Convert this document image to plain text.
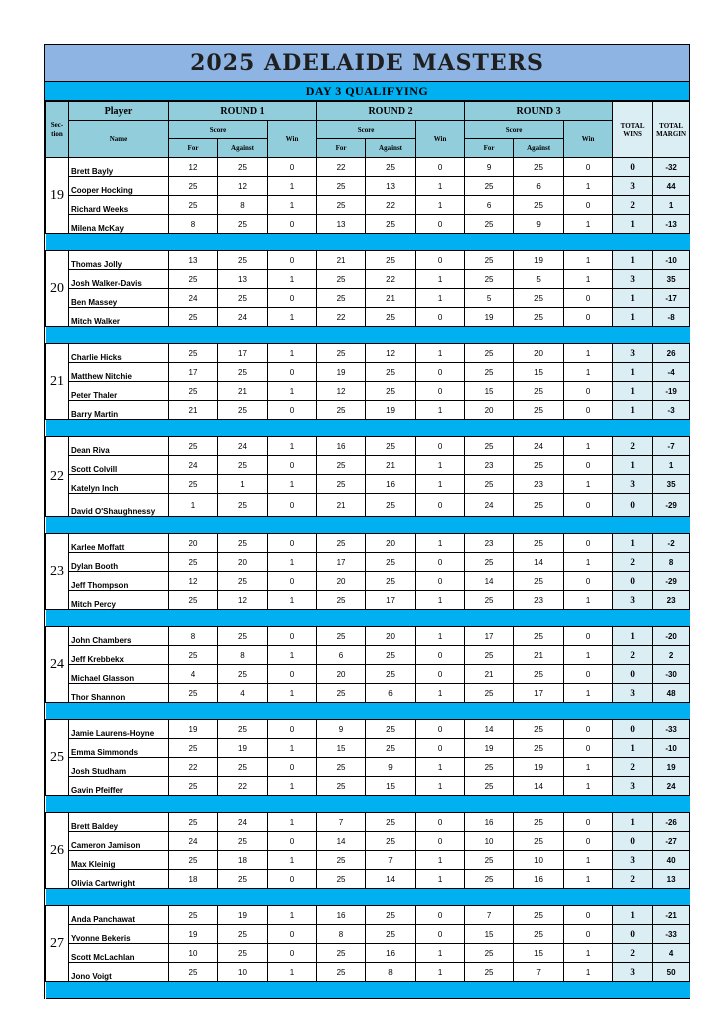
2025 ADELAIDE MASTERS
DAY 3 QUALIFYING
Sec-tion	Player	ROUND 1			ROUND 2			ROUND 3			TOTAL WINS	TOTAL MARGIN
	Name	Score		Win	Score		Win	Score		Win		
		For	Against		For	Against		For	Against			
19	Brett Bayly	12	25	0	22	25	0	9	25	0	0	-32
	Cooper Hocking	25	12	1	25	13	1	25	6	1	3	44
	Richard Weeks	25	8	1	25	22	1	6	25	0	2	1
	Milena McKay	8	25	0	13	25	0	25	9	1	1	-13

20	Thomas Jolly	13	25	0	21	25	0	25	19	1	1	-10
	Josh Walker-Davis	25	13	1	25	22	1	25	5	1	3	35
	Ben Massey	24	25	0	25	21	1	5	25	0	1	-17
	Mitch Walker	25	24	1	22	25	0	19	25	0	1	-8

21	Charlie Hicks	25	17	1	25	12	1	25	20	1	3	26
	Matthew Nitchie	17	25	0	19	25	0	25	15	1	1	-4
	Peter Thaler	25	21	1	12	25	0	15	25	0	1	-19
	Barry Martin	21	25	0	25	19	1	20	25	0	1	-3

22	Dean Riva	25	24	1	16	25	0	25	24	1	2	-7
	Scott Colvill	24	25	0	25	21	1	23	25	0	1	1
	Katelyn Inch	25	1	1	25	16	1	25	23	1	3	35
	David O'Shaughnessy	1	25	0	21	25	0	24	25	0	0	-29

23	Karlee Moffatt	20	25	0	25	20	1	23	25	0	1	-2
	Dylan Booth	25	20	1	17	25	0	25	14	1	2	8
	Jeff Thompson	12	25	0	20	25	0	14	25	0	0	-29
	Mitch Percy	25	12	1	25	17	1	25	23	1	3	23

24	John Chambers	8	25	0	25	20	1	17	25	0	1	-20
	Jeff Krebbekx	25	8	1	6	25	0	25	21	1	2	2
	Michael Glasson	4	25	0	20	25	0	21	25	0	0	-30
	Thor Shannon	25	4	1	25	6	1	25	17	1	3	48

25	Jamie Laurens-Hoyne	19	25	0	9	25	0	14	25	0	0	-33
	Emma Simmonds	25	19	1	15	25	0	19	25	0	1	-10
	Josh Studham	22	25	0	25	9	1	25	19	1	2	19
	Gavin Pfeiffer	25	22	1	25	15	1	25	14	1	3	24

26	Brett Baldey	25	24	1	7	25	0	16	25	0	1	-26
	Cameron Jamison	24	25	0	14	25	0	10	25	0	0	-27
	Max Kleinig	25	18	1	25	7	1	25	10	1	3	40
	Olivia Cartwright	18	25	0	25	14	1	25	16	1	2	13

27	Anda Panchawat	25	19	1	16	25	0	7	25	0	1	-21
	Yvonne Bekeris	19	25	0	8	25	0	15	25	0	0	-33
	Scott McLachlan	10	25	0	25	16	1	25	15	1	2	4
	Jono Voigt	25	10	1	25	8	1	25	7	1	3	50
